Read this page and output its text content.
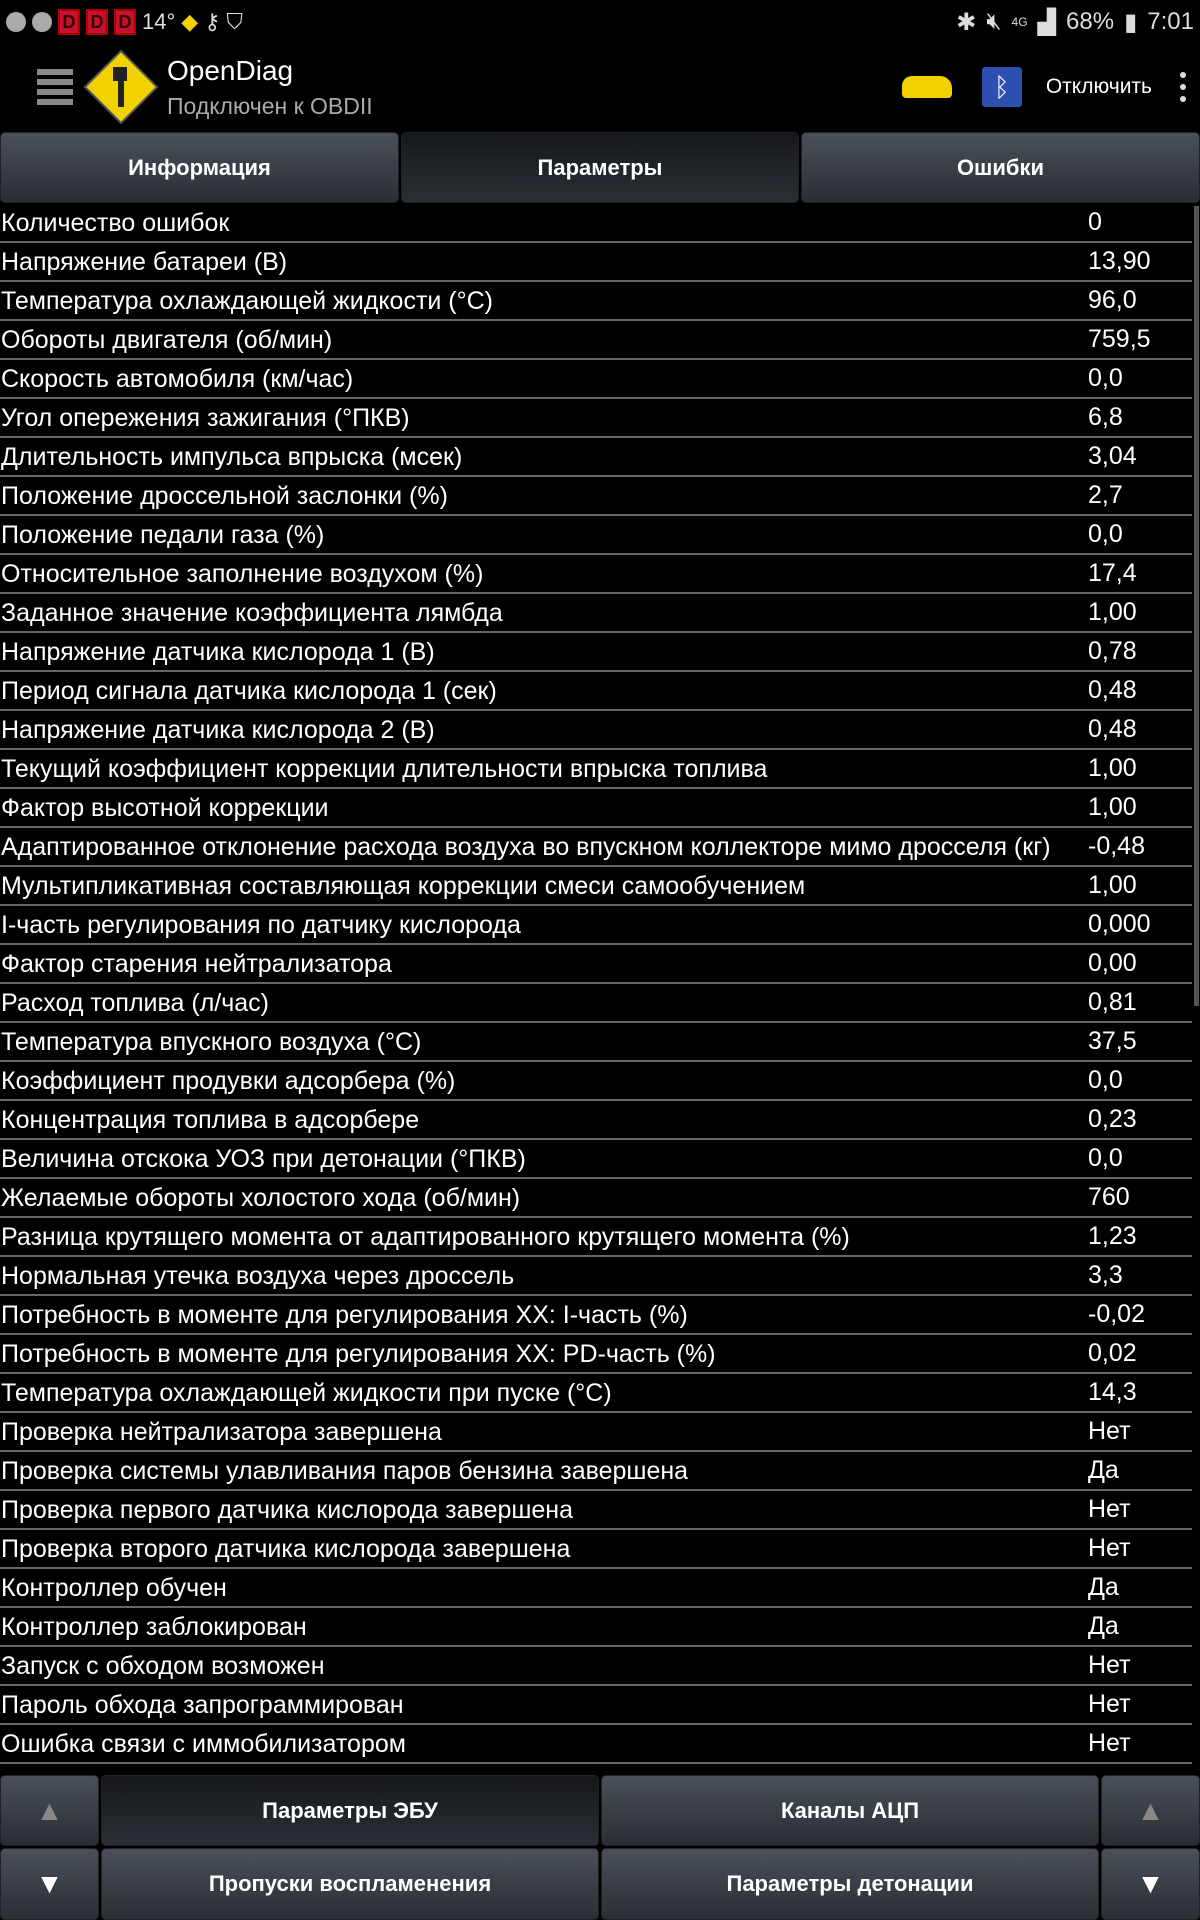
D D D 14° ◆ ⚷ ⛉	✱ 🔇︎ 4G ▟ 68% ▮ 7:01
OpenDiag
Подключен к OBDII
ᛒ	Отключить
Информация	Параметры	Ошибки
Количество ошибок	0
Напряжение батареи (В)	13,90
Температура охлаждающей жидкости (°C)	96,0
Обороты двигателя (об/мин)	759,5
Скорость автомобиля (км/час)	0,0
Угол опережения зажигания (°ПКВ)	6,8
Длительность импульса впрыска (мсек)	3,04
Положение дроссельной заслонки (%)	2,7
Положение педали газа (%)	0,0
Относительное заполнение воздухом (%)	17,4
Заданное значение коэффициента лямбда	1,00
Напряжение датчика кислорода 1 (В)	0,78
Период сигнала датчика кислорода 1 (сек)	0,48
Напряжение датчика кислорода 2 (В)	0,48
Текущий коэффициент коррекции длительности впрыска топлива	1,00
Фактор высотной коррекции	1,00
Адаптированное отклонение расхода воздуха во впускном коллекторе мимо дросселя (кг)	-0,48
Мультипликативная составляющая коррекции смеси самообучением	1,00
I-часть регулирования по датчику кислорода	0,000
Фактор старения нейтрализатора	0,00
Расход топлива (л/час)	0,81
Температура впускного воздуха (°C)	37,5
Коэффициент продувки адсорбера (%)	0,0
Концентрация топлива в адсорбере	0,23
Величина отскока УОЗ при детонации (°ПКВ)	0,0
Желаемые обороты холостого хода (об/мин)	760
Разница крутящего момента от адаптированного крутящего момента (%)	1,23
Нормальная утечка воздуха через дроссель	3,3
Потребность в моменте для регулирования ХХ: I-часть (%)	-0,02
Потребность в моменте для регулирования ХХ: PD-часть (%)	0,02
Температура охлаждающей жидкости при пуске (°C)	14,3
Проверка нейтрализатора завершена	Нет
Проверка системы улавливания паров бензина завершена	Да
Проверка первого датчика кислорода завершена	Нет
Проверка второго датчика кислорода завершена	Нет
Контроллер обучен	Да
Контроллер заблокирован	Да
Запуск с обходом возможен	Нет
Пароль обхода запрограммирован	Нет
Ошибка связи с иммобилизатором	Нет
▲	Параметры ЭБУ	Каналы АЦП	▲
▼	Пропуски воспламенения	Параметры детонации	▼
